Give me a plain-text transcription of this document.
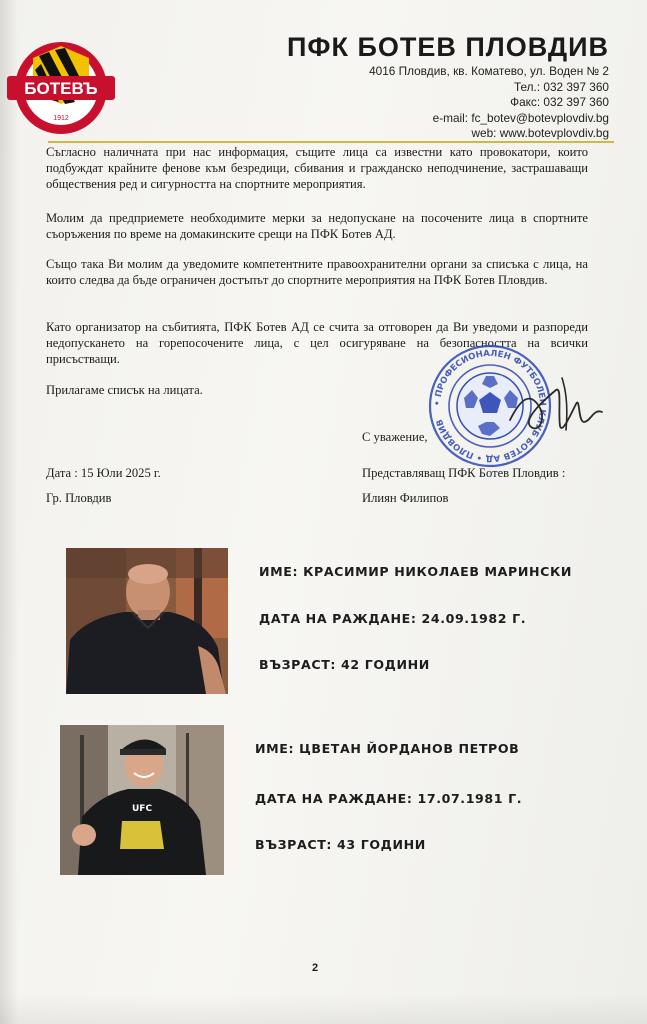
БОТЕВЪ
1912
ПФК БОТЕВ ПЛОВДИВ
4016 Пловдив, кв. Коматево, ул. Воден № 2
Тел.: 032 397 360
Факс: 032 397 360
e-mail: fc_botev@botevplovdiv.bg
web: www.botevplovdiv.bg

Съгласно наличната при нас информация, същите лица са известни като провокатори, които подбуждат крайните фенове към безредици, сбивания и гражданско неподчинение, застрашаващи обществения ред и сигурността на спортните мероприятия.

Молим да предприемете необходимите мерки за недопускане на посочените лица в спортните съоръжения по време на домакинските срещи на ПФК Ботев АД.

Също така Ви молим да уведомите компетентните правоохранителни органи за списъка с лица, на които следва да бъде ограничен достъпът до спортните мероприятия на ПФК Ботев Пловдив.

Като организатор на събитията, ПФК Ботев АД се счита за отговорен да Ви уведоми и разпореди недопускането на горепосочените лица, с цел осигуряване на безопасността на всички присъстващи.

Прилагаме списък на лицата.

• ПРОФЕСИОНАЛЕН ФУТБОЛЕН КЛУБ БОТЕВ АД • ПЛОВДИВ
С уважение,
Дата : 15 Юли 2025 г.
Гр. Пловдив
Представляващ ПФК Ботев Пловдив :
Илиян Филипов
ИМЕ: КРАСИМИР НИКОЛАЕВ МАРИНСКИ
ДАТА НА РАЖДАНЕ: 24.09.1982 Г.
ВЪЗРАСТ: 42 ГОДИНИ
UFC
ИМЕ: ЦВЕТАН ЙОРДАНОВ ПЕТРОВ
ДАТА НА РАЖДАНЕ: 17.07.1981 Г.
ВЪЗРАСТ: 43 ГОДИНИ
2
